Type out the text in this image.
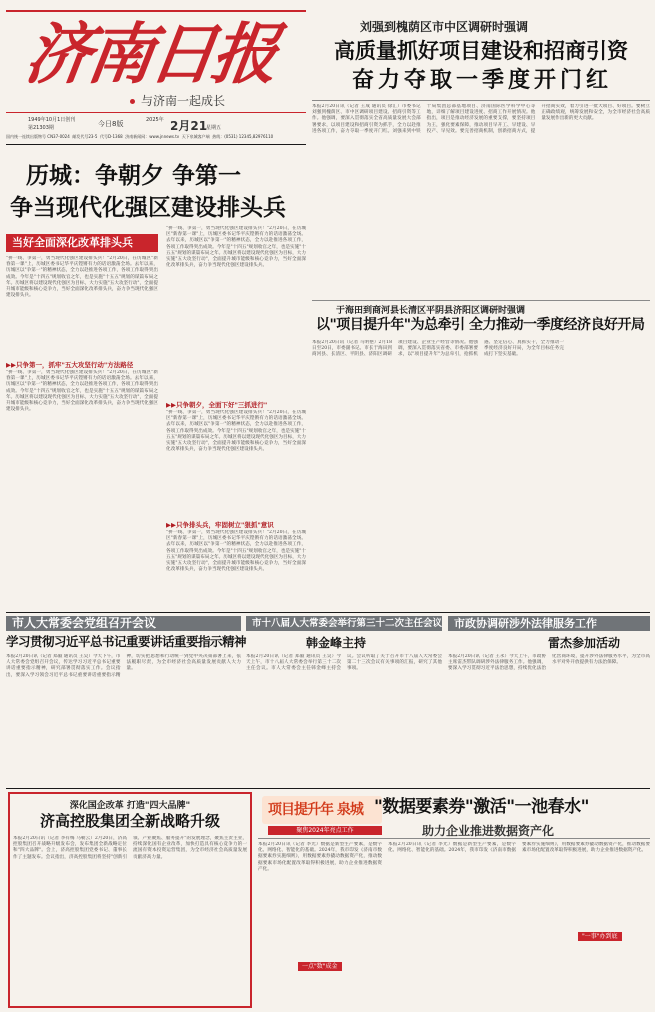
济南日报
与济南一起成长
1949年10月1日创刊
第21303期	今日8版	2025年 2月21
星期五
国内统一连续出版物号 CN37-0024 邮发代号23-5 代号D-1368 济南新闻网：www.jnnews.tv 天下泉城客户端 热线：(0531) 12345,82976110
刘强到槐荫区市中区调研时强调
高质量抓好项目建设和招商引资
奋力夺取一季度开门红
本报2月20日讯（记者 王成 通讯员 徐汇）市委书记刘强到槐荫区、市中区调研项目建设、招商引资等工作。他强调，要深入贯彻落实全省高质量发展大会部署要求，以项目建设和招商引资为抓手，全力以赴推进各项工作，奋力夺取一季度开门红。刘强来到中铁十局集团总部基地项目、济南国际医学科学中心等地，详细了解项目建设进度、招商工作开展情况。他指出，项目是推动经济发展的重要支撑，要坚持项目为王，强化要素保障，推动项目早开工、早建设、早投产、早见效。要完善招商机制，创新招商方式，提升招商实效，着力引进一批大项目、好项目。要树立正确政绩观，统筹发展和安全，为全市经济社会高质量发展作出新的更大贡献。
历城：争朝夕 争第一
争当现代化强区建设排头兵
当好全面深化改革排头兵
"拼一线、争第一，勇当现代化强区建设排头兵！"2月20日，在历城区"新春第一课"上，历城区委书记华平庆铿锵有力的话语激荡全场。去年以来，历城区以"争第一"的精神状态，全力以赴推进各项工作，各项工作取得突出成效。今年是"十四五"规划收官之年，也是实施"十五五"规划的谋篇布局之年。历城区将以建设现代化强区为目标，大力实施"五大攻坚行动"，全面提升城市能级和核心竞争力，当好全面深化改革排头兵，奋力争当现代化强区建设排头兵。
▶▶只争第一，抓牢"五大攻坚行动"方法路径
"拼一线、争第一，勇当现代化强区建设排头兵！"2月20日，在历城区"新春第一课"上，历城区委书记华平庆铿锵有力的话语激荡全场。去年以来，历城区以"争第一"的精神状态，全力以赴推进各项工作，各项工作取得突出成效。今年是"十四五"规划收官之年，也是实施"十五五"规划的谋篇布局之年。历城区将以建设现代化强区为目标，大力实施"五大攻坚行动"，全面提升城市能级和核心竞争力，当好全面深化改革排头兵，奋力争当现代化强区建设排头兵。
"拼一线、争第一，勇当现代化强区建设排头兵！"2月20日，在历城区"新春第一课"上，历城区委书记华平庆铿锵有力的话语激荡全场。去年以来，历城区以"争第一"的精神状态，全力以赴推进各项工作，各项工作取得突出成效。今年是"十四五"规划收官之年，也是实施"十五五"规划的谋篇布局之年。历城区将以建设现代化强区为目标，大力实施"五大攻坚行动"，全面提升城市能级和核心竞争力，当好全面深化改革排头兵，奋力争当现代化强区建设排头兵。
▶▶只争朝夕，全面下好"三抓进行"
"拼一线、争第一，勇当现代化强区建设排头兵！"2月20日，在历城区"新春第一课"上，历城区委书记华平庆铿锵有力的话语激荡全场。去年以来，历城区以"争第一"的精神状态，全力以赴推进各项工作，各项工作取得突出成效。今年是"十四五"规划收官之年，也是实施"十五五"规划的谋篇布局之年。历城区将以建设现代化强区为目标，大力实施"五大攻坚行动"，全面提升城市能级和核心竞争力，当好全面深化改革排头兵，奋力争当现代化强区建设排头兵。
▶▶只争排头兵，牢固树立"狠抓"意识
"拼一线、争第一，勇当现代化强区建设排头兵！"2月20日，在历城区"新春第一课"上，历城区委书记华平庆铿锵有力的话语激荡全场。去年以来，历城区以"争第一"的精神状态，全力以赴推进各项工作，各项工作取得突出成效。今年是"十四五"规划收官之年，也是实施"十五五"规划的谋篇布局之年。历城区将以建设现代化强区为目标，大力实施"五大攻坚行动"，全面提升城市能级和核心竞争力，当好全面深化改革排头兵，奋力争当现代化强区建设排头兵。
于海田到商河县长清区平阴县济阳区调研时强调
以"项目提升年"为总牵引 全力推动一季度经济良好开局
本报2月20日讯（记者 马明艳）2月18日至20日，市委副书记、市长于海田到商河县、长清区、平阴县、济阳区调研项目建设、企业生产经营等情况。他强调，要深入贯彻落实省委、市委部署要求，以"项目提升年"为总牵引，抢抓机遇、坚定信心、真抓实干，全力推动一季度经济良好开局，为全年目标任务完成打下坚实基础。
市人大常委会党组召开会议
学习贯彻习近平总书记重要讲话重要指示精神
本报2月20日讯（记者 郑毅 通讯员 王昊）今天下午，市人大常委会党组召开会议，传达学习习近平总书记重要讲话重要指示精神，研究部署贯彻落实工作。会议指出，要深入学习领会习近平总书记重要讲话重要指示精神，切实把思想和行动统一到党中央决策部署上来，依法履职尽责，为全市经济社会高质量发展贡献人大力量。
市十八届人大常委会举行第三十二次主任会议
韩金峰主持
本报2月20日讯（记者 郑毅 通讯员 王昊）今天上午，市十八届人大常委会举行第三十二次主任会议。市人大常委会主任韩金峰主持会议。会议听取了关于召开市十八届人大常委会第二十三次会议有关事项的汇报，研究了其他事项。
市政协调研涉外法律服务工作
雷杰参加活动
本报2月20日讯（记者 王永）今天上午，市政协主席雷杰带队调研涉外法律服务工作。他强调，要深入学习贯彻习近平法治思想，持续优化法治化营商环境，提升涉外法律服务水平，为全市高水平对外开放提供有力法治保障。
深化国企改革 打造"四大品牌"
济高控股集团全新战略升级
本报2月20日讯（记者 李有梅 马朝云）2月20日，济高控股集团召开战略升级发布会，发布集团全新战略定位和"四大品牌"。会上，济高控股集团党委书记、董事长作了主题发布。会议指出，济高控股集团将坚持"创新引领、产业聚焦、服务提升"的发展理念，聚焦主责主业，持续深化国有企业改革，加快打造具有核心竞争力的一流国有资本投资运营集团，为全市经济社会高质量发展贡献济高力量。
项目提升年 泉城
聚焦2024年亮点工作
本报2月20日讯（记者 李光）数据是新型生产要素，是数字化、网络化、智能化的基础。2024年，我市印发《济南市数据要素券实施细则》，用数据要素券撬动数据资产化，推动数据要素市场化配置改革取得积极进展，助力企业推进数据资产化。
"数据要素券"激活"一池春水"
助力企业推进数据资产化
本报2月20日讯（记者 李光）数据是新型生产要素，是数字化、网络化、智能化的基础。2024年，我市印发《济南市数据要素券实施细则》，用数据要素券撬动数据资产化，推动数据要素市场化配置改革取得积极进展，助力企业推进数据资产化。
一点"数"成金
"一事"办到底
